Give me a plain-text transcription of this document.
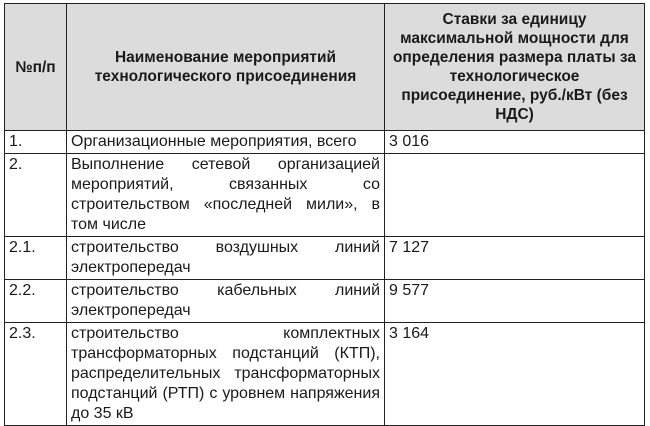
№п/п	Наименование мероприятий технологического присоединения	Ставки за единицу максимальной мощности для определения размера платы за технологическое присоединение, руб./кВт (без НДС)
1.	Организационные мероприятия, всего	3 016
2.	Выполнение сетевой организацией мероприятий, связанных со строительством «последней мили», в том числе	
2.1.	строительство воздушных линий электропередач	7 127
2.2.	строительство кабельных линий электропередач	9 577
2.3.	строительство комплектных трансформаторных подстанций (КТП), распределительных трансформаторных подстанций (РТП) с уровнем напряжения до 35 кВ	3 164
